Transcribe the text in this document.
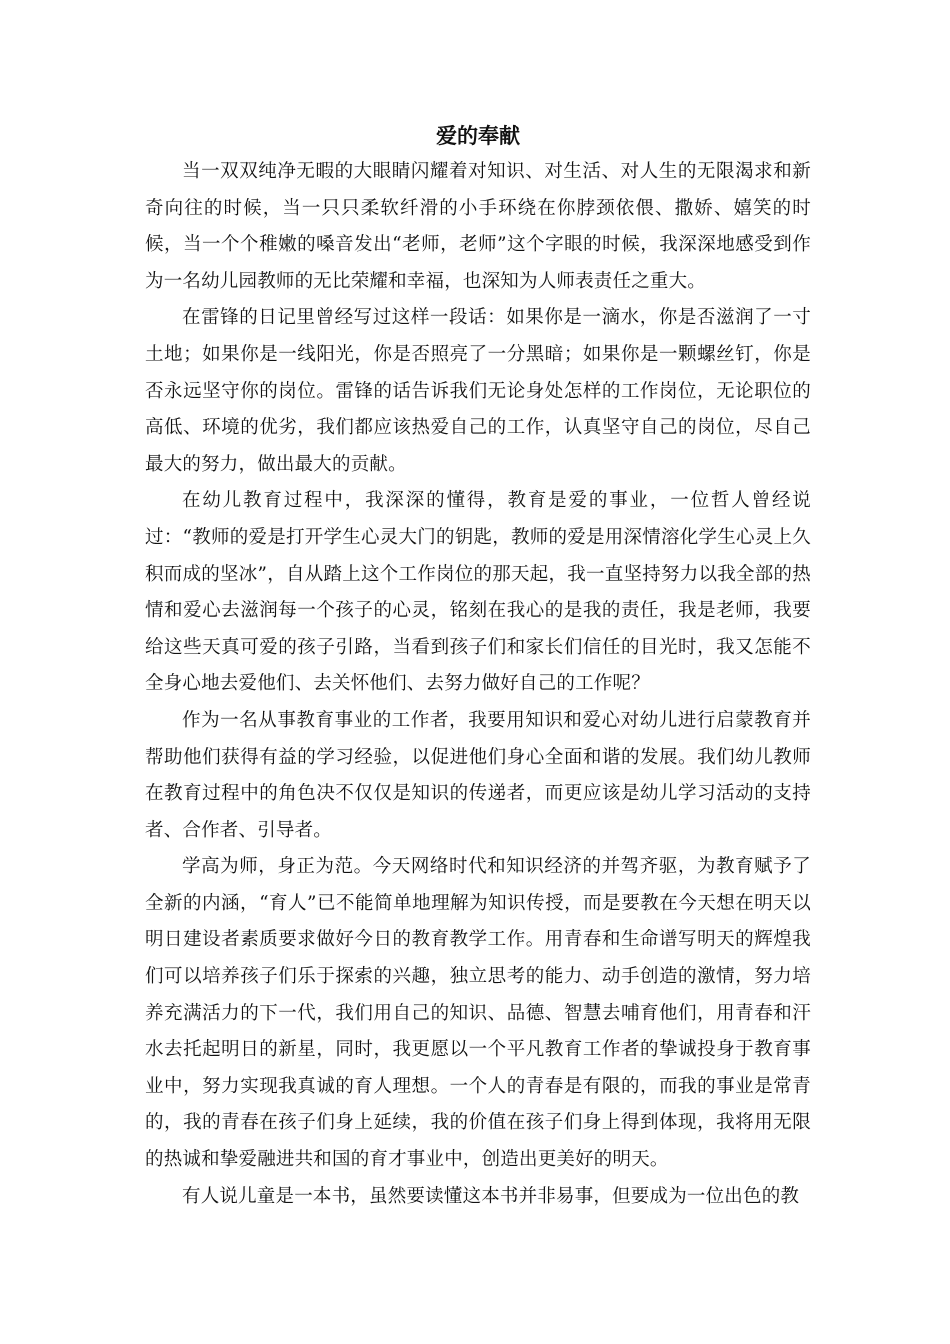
爱的奉献

当一双双纯净无暇的大眼睛闪耀着对知识、对生活、对人生的无限渴求和新奇向往的时候，当一只只柔软纤滑的小手环绕在你脖颈依偎、撒娇、嬉笑的时候，当一个个稚嫩的嗓音发出“老师，老师”这个字眼的时候，我深深地感受到作为一名幼儿园教师的无比荣耀和幸福，也深知为人师表责任之重大。

在雷锋的日记里曾经写过这样一段话：如果你是一滴水，你是否滋润了一寸土地；如果你是一线阳光，你是否照亮了一分黑暗；如果你是一颗螺丝钉，你是否永远坚守你的岗位。雷锋的话告诉我们无论身处怎样的工作岗位，无论职位的高低、环境的优劣，我们都应该热爱自己的工作，认真坚守自己的岗位，尽自己最大的努力，做出最大的贡献。

在幼儿教育过程中，我深深的懂得，教育是爱的事业，一位哲人曾经说过：“教师的爱是打开学生心灵大门的钥匙，教师的爱是用深情溶化学生心灵上久积而成的坚冰”，自从踏上这个工作岗位的那天起，我一直坚持努力以我全部的热情和爱心去滋润每一个孩子的心灵，铭刻在我心的是我的责任，我是老师，我要给这些天真可爱的孩子引路，当看到孩子们和家长们信任的目光时，我又怎能不全身心地去爱他们、去关怀他们、去努力做好自己的工作呢？

作为一名从事教育事业的工作者，我要用知识和爱心对幼儿进行启蒙教育并帮助他们获得有益的学习经验，以促进他们身心全面和谐的发展。我们幼儿教师在教育过程中的角色决不仅仅是知识的传递者，而更应该是幼儿学习活动的支持者、合作者、引导者。

学高为师，身正为范。今天网络时代和知识经济的并驾齐驱，为教育赋予了全新的内涵，“育人”已不能简单地理解为知识传授，而是要教在今天想在明天以明日建设者素质要求做好今日的教育教学工作。用青春和生命谱写明天的辉煌我们可以培养孩子们乐于探索的兴趣，独立思考的能力、动手创造的激情，努力培养充满活力的下一代，我们用自己的知识、品德、智慧去哺育他们，用青春和汗水去托起明日的新星，同时，我更愿以一个平凡教育工作者的挚诚投身于教育事业中，努力实现我真诚的育人理想。一个人的青春是有限的，而我的事业是常青的，我的青春在孩子们身上延续，我的价值在孩子们身上得到体现，我将用无限的热诚和挚爱融进共和国的育才事业中，创造出更美好的明天。

有人说儿童是一本书，虽然要读懂这本书并非易事，但要成为一位出色的教
